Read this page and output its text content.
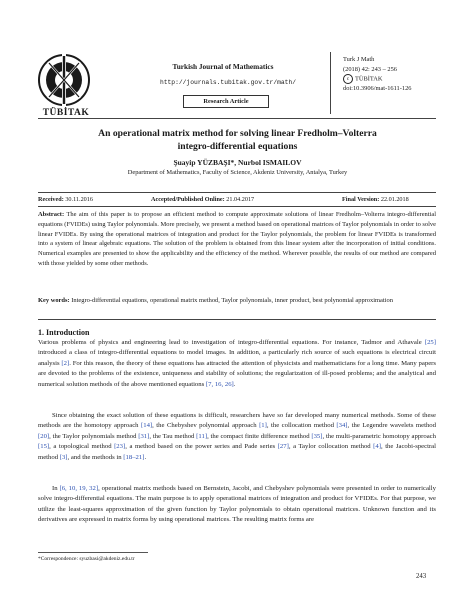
TÜBİTAK
Turkish Journal of Mathematics
http://journals.tubitak.gov.tr/math/
Research Article
Turk J Math
(2018) 42: 243 – 256
c TÜBİTAK
doi:10.3906/mat-1611-126
An operational matrix method for solving linear Fredholm–Volterra
integro-differential equations
Şuayip YÜZBAŞI*, Nurbol ISMAILOV
Department of Mathematics, Faculty of Science, Akdeniz University, Antalya, Turkey
Received: 30.11.2016	Accepted/Published Online: 21.04.2017	Final Version: 22.01.2018
Abstract: The aim of this paper is to propose an efficient method to compute approximate solutions of linear Fredholm–Volterra integro-differential equations (FVIDEs) using Taylor polynomials. More precisely, we present a method based on operational matrices of Taylor polynomials in order to solve linear FVIDEs. By using the operational matrices of integration and product for the Taylor polynomials, the problem for linear FVIDEs is transformed into a system of linear algebraic equations. The solution of the problem is obtained from this linear system after the incorporation of initial conditions. Numerical examples are presented to show the applicability and the efficiency of the method. Wherever possible, the results of our method are compared with those yielded by some other methods.
Key words: Integro-differential equations, operational matrix method, Taylor polynomials, inner product, best polynomial approximation
1. Introduction
Various problems of physics and engineering lead to investigation of integro-differential equations. For instance, Tadmor and Athavale [25] introduced a class of integro-differential equations to model images. In addition, a particularly rich source of such equations is electrical circuit analysis [2]. For this reason, the theory of these equations has attracted the attention of physicists and mathematicians for a long time. Many papers are devoted to the problems of the existence, uniqueness and stability of solutions; the regularization of ill-posed problems; and the analytical and numerical solution methods of the above mentioned equations [7, 16, 26].
Since obtaining the exact solution of these equations is difficult, researchers have so far developed many numerical methods. Some of these methods are the homotopy approach [14], the Chebyshev polynomial approach [1], the collocation method [34], the Legendre wavelets method [20], the Taylor polynomials method [31], the Tau method [11], the compact finite difference method [35], the multi-parametric homotopy approach [15], a topological method [23], a method based on the power series and Pade series [27], a Taylor collocation method [4], the Jacobi-spectral method [3], and the methods in [18–21].
In [6, 10, 19, 32], operational matrix methods based on Bernstein, Jacobi, and Chebyshev polynomials were presented in order to numerically solve integro-differential equations. The main purpose is to apply operational matrices of integration and product for VFIDEs. For that purpose, we utilize the least-squares approximation of the given function by Taylor polynomials to obtain operational matrices. Unknown function and its derivatives are expressed in matrix forms by using operational matrices. The resulting matrix forms are
*Correspondence: syuzbasi@akdeniz.edu.tr
243
